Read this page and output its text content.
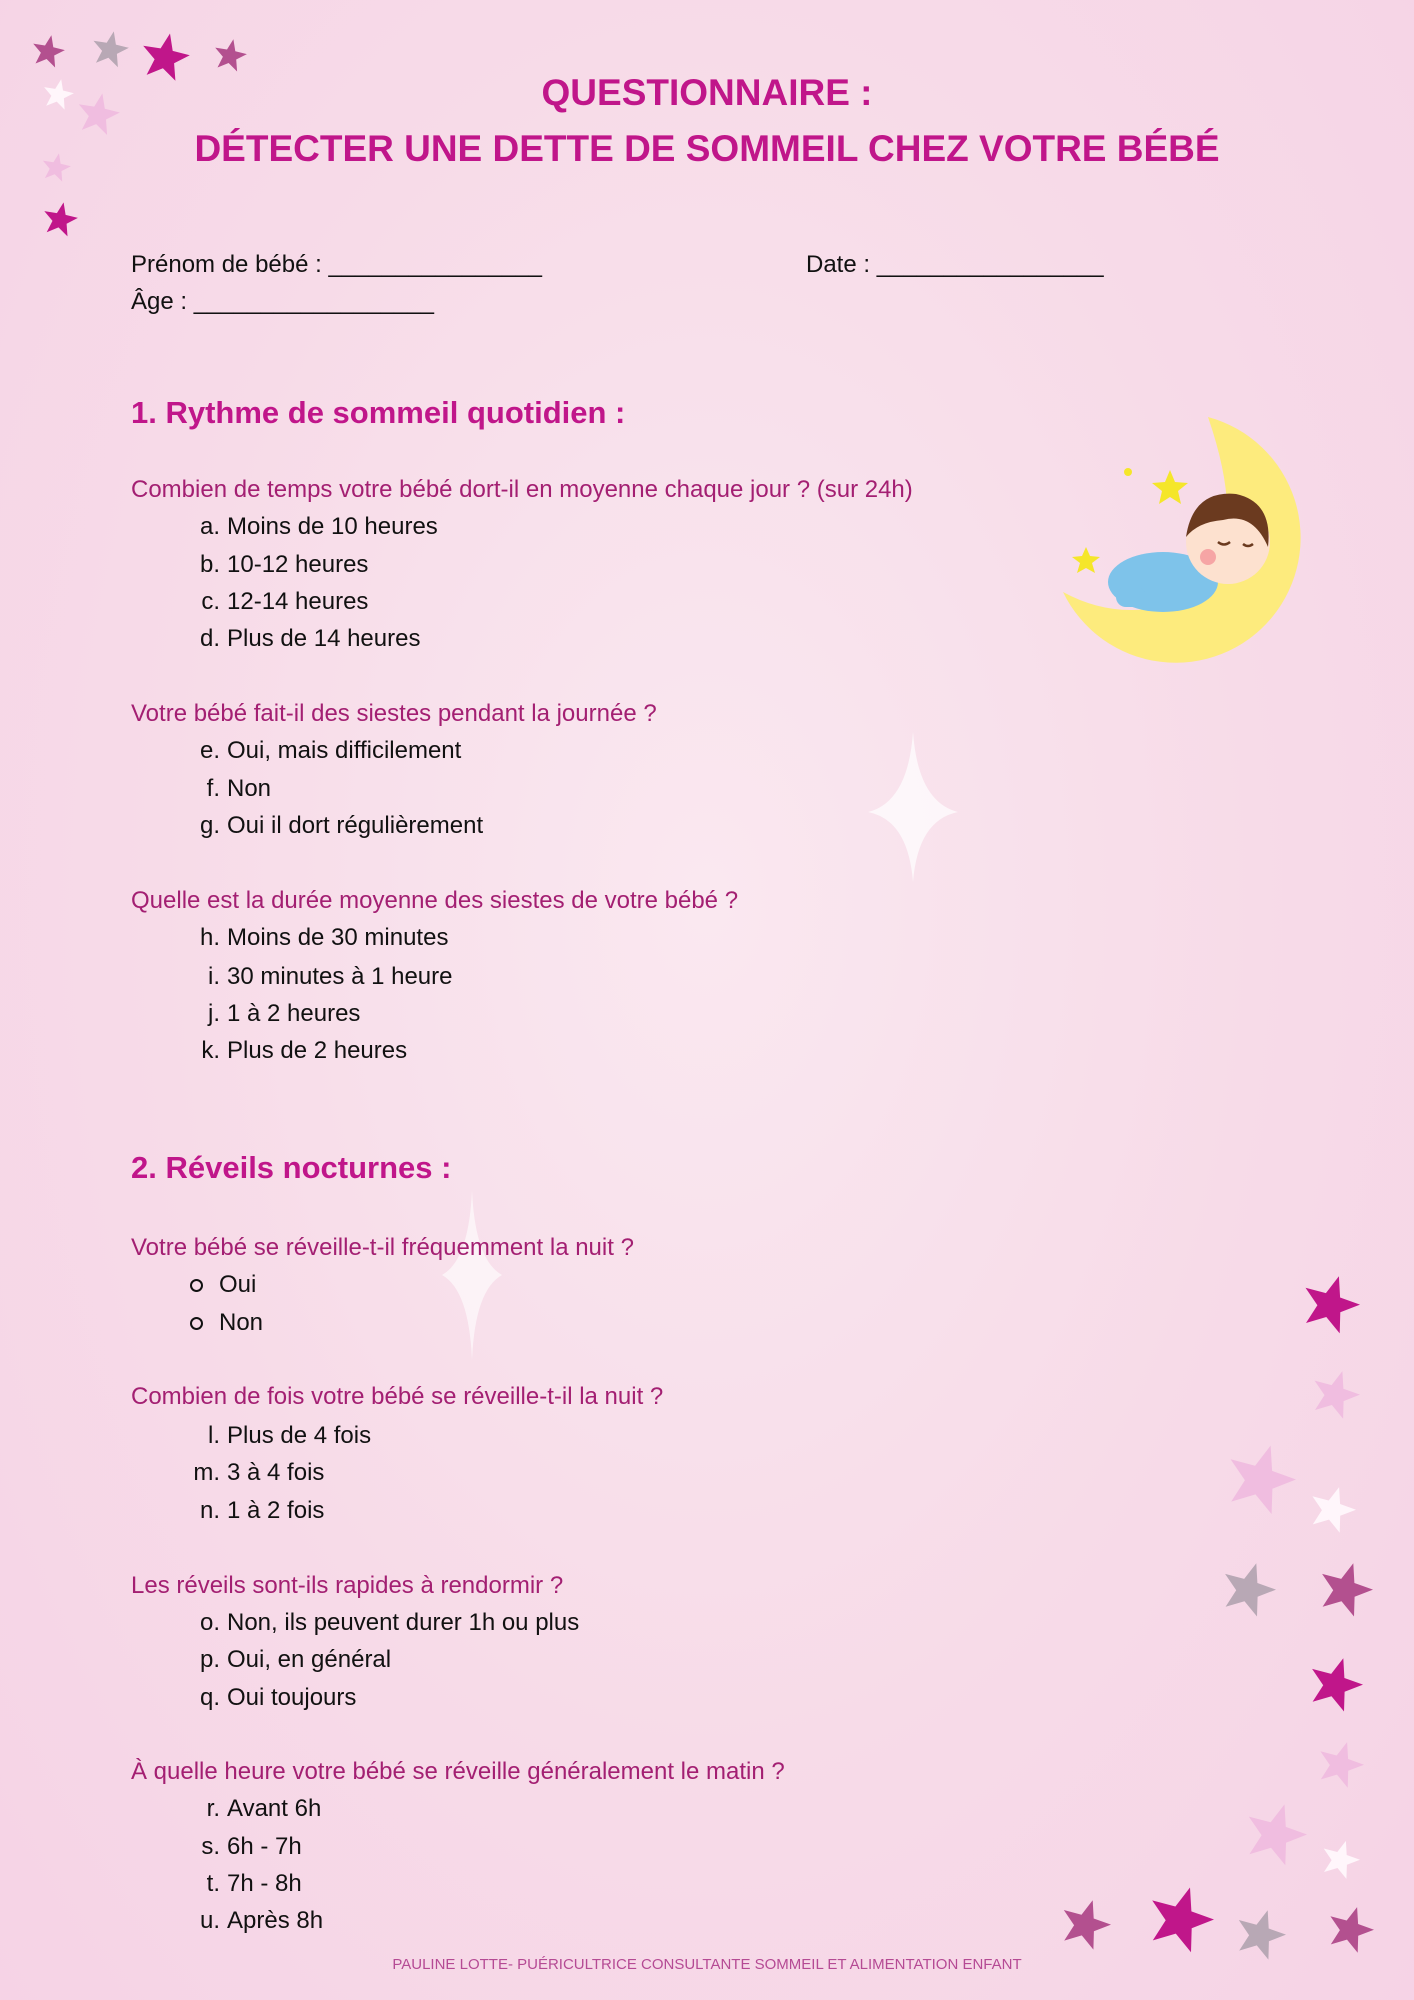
QUESTIONNAIRE :
DÉTECTER UNE DETTE DE SOMMEIL CHEZ VOTRE BÉBÉ
Prénom de bébé : ________________	Date : _________________
Âge : __________________
1. Rythme de sommeil quotidien :
Combien de temps votre bébé dort-il en moyenne chaque jour ? (sur 24h)
a. Moins de 10 heures
b. 10-12 heures
c. 12-14 heures
d. Plus de 14 heures
Votre bébé fait-il des siestes pendant la journée ?
e. Oui, mais difficilement
f. Non
g. Oui il dort régulièrement
Quelle est la durée moyenne des siestes de votre bébé ?
h. Moins de 30 minutes
i. 30 minutes à 1 heure
j. 1 à 2 heures
k. Plus de 2 heures
2. Réveils nocturnes :
Votre bébé se réveille-t-il fréquemment la nuit ?
Oui
Non
Combien de fois votre bébé se réveille-t-il la nuit ?
l. Plus de 4 fois
m. 3 à 4 fois
n. 1 à 2 fois
Les réveils sont-ils rapides à rendormir ?
o. Non, ils peuvent durer 1h ou plus
p. Oui, en général
q. Oui toujours
À quelle heure votre bébé se réveille généralement le matin ?
r. Avant 6h
s. 6h - 7h
t. 7h - 8h
u. Après 8h
PAULINE LOTTE- PUÉRICULTRICE CONSULTANTE SOMMEIL ET ALIMENTATION ENFANT
